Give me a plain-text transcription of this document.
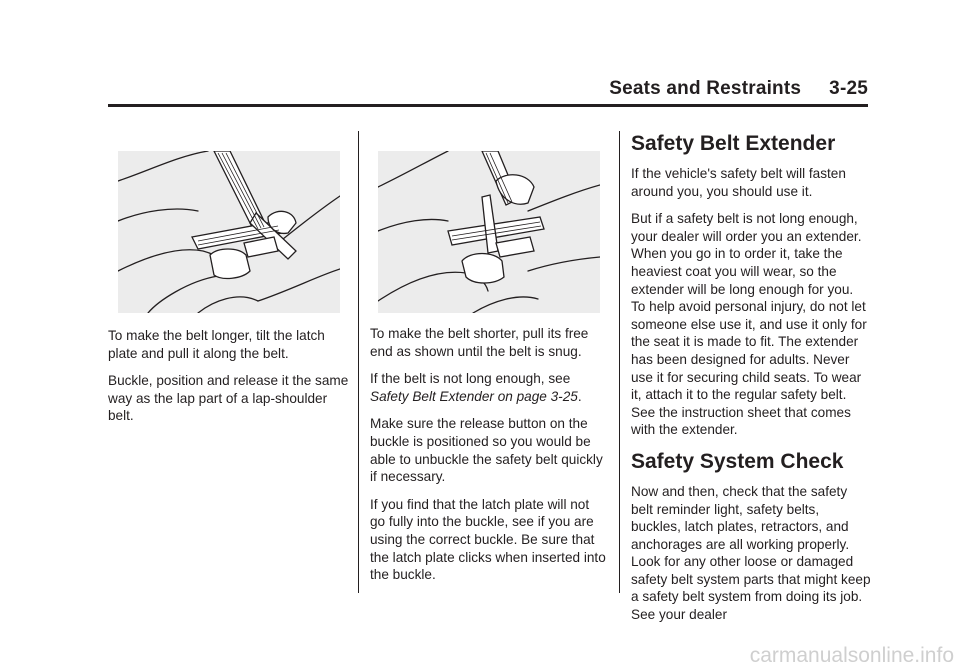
Seats and Restraints 3-25

To make the belt longer, tilt the latch plate and pull it along the belt.

Buckle, position and release it the same way as the lap part of a lap-shoulder belt.

To make the belt shorter, pull its free end as shown until the belt is snug.

If the belt is not long enough, see Safety Belt Extender on page 3-25.

Make sure the release button on the buckle is positioned so you would be able to unbuckle the safety belt quickly if necessary.

If you find that the latch plate will not go fully into the buckle, see if you are using the correct buckle. Be sure that the latch plate clicks when inserted into the buckle.

Safety Belt Extender

If the vehicle's safety belt will fasten around you, you should use it.

But if a safety belt is not long enough, your dealer will order you an extender. When you go in to order it, take the heaviest coat you will wear, so the extender will be long enough for you. To help avoid personal injury, do not let someone else use it, and use it only for the seat it is made to fit. The extender has been designed for adults. Never use it for securing child seats. To wear it, attach it to the regular safety belt. See the instruction sheet that comes with the extender.

Safety System Check

Now and then, check that the safety belt reminder light, safety belts, buckles, latch plates, retractors, and anchorages are all working properly. Look for any other loose or damaged safety belt system parts that might keep a safety belt system from doing its job. See your dealer

carmanualsonline.info
